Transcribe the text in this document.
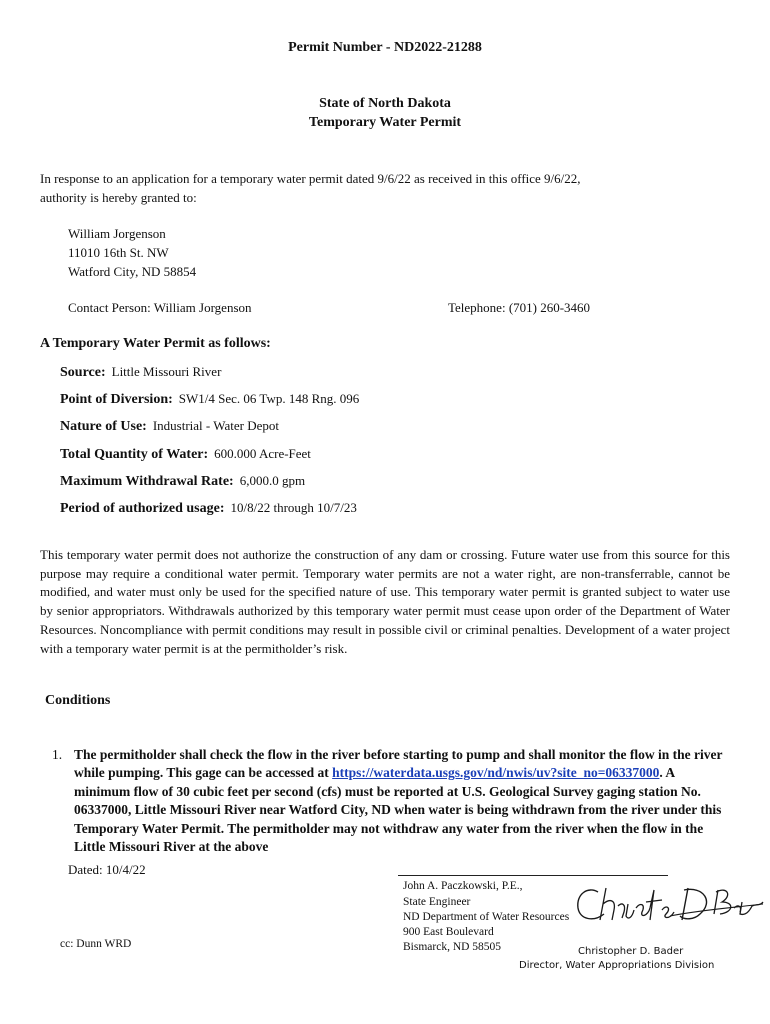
Permit Number - ND2022-21288
State of North Dakota
Temporary Water Permit
In response to an application for a temporary water permit dated 9/6/22 as received in this office 9/6/22,
authority is hereby granted to:
William Jorgenson
11010 16th St. NW
Watford City, ND 58854
Contact Person: William Jorgenson	Telephone: (701) 260-3460
A Temporary Water Permit as follows:
Source: Little Missouri River
Point of Diversion: SW1/4 Sec. 06 Twp. 148 Rng. 096
Nature of Use: Industrial - Water Depot
Total Quantity of Water: 600.000 Acre-Feet
Maximum Withdrawal Rate: 6,000.0 gpm
Period of authorized usage: 10/8/22 through 10/7/23
This temporary water permit does not authorize the construction of any dam or crossing. Future water use from this source for this purpose may require a conditional water permit. Temporary water permits are not a water right, are non-transferrable, cannot be modified, and water must only be used for the specified nature of use. This temporary water permit is granted subject to water use by senior appropriators. Withdrawals authorized by this temporary water permit must cease upon order of the Department of Water Resources. Noncompliance with permit conditions may result in possible civil or criminal penalties. Development of a water project with a temporary water permit is at the permitholder’s risk.
Conditions
1. The permitholder shall check the flow in the river before starting to pump and shall monitor the flow in the river while pumping. This gage can be accessed at https://waterdata.usgs.gov/nd/nwis/uv?site_no=06337000. A minimum flow of 30 cubic feet per second (cfs) must be reported at U.S. Geological Survey gaging station No. 06337000, Little Missouri River near Watford City, ND when water is being withdrawn from the river under this Temporary Water Permit. The permitholder may not withdraw any water from the river when the flow in the Little Missouri River at the above
Dated: 10/4/22
cc: Dunn WRD
John A. Paczkowski, P.E.,
State Engineer
ND Department of Water Resources
900 East Boulevard
Bismarck, ND 58505	Christopher D. Bader
Director, Water Appropriations Division
